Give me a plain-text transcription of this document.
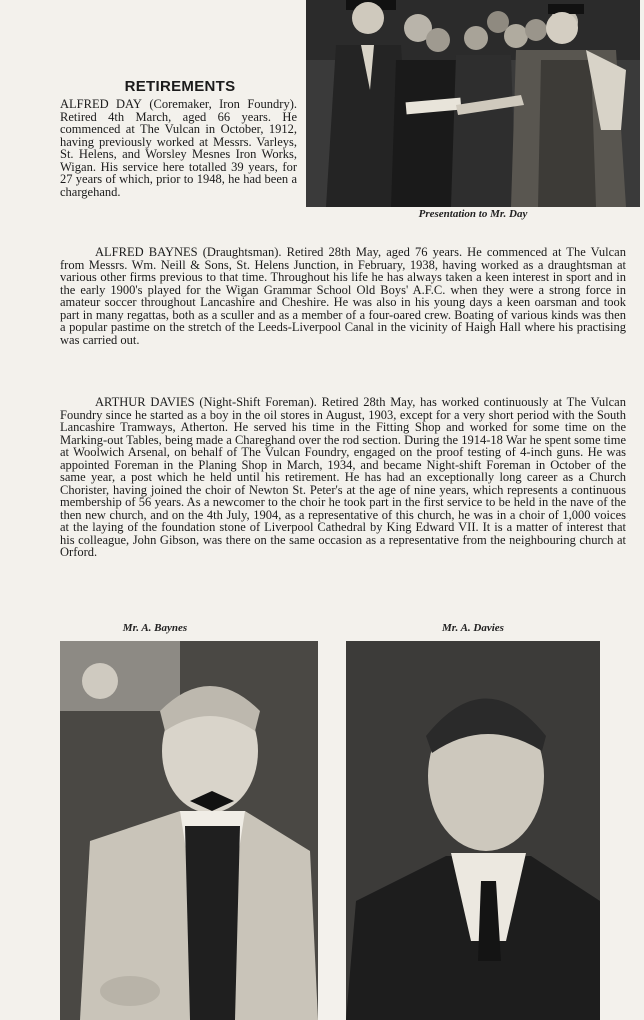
Presentation to Mr. Day
RETIREMENTS

ALFRED DAY (Coremaker, Iron Foundry). Retired 4th March, aged 66 years. He commenced at The Vulcan in October, 1912, having previously worked at Messrs. Varleys, St. Helens, and Worsley Mesnes Iron Works, Wigan. His service here totalled 39 years, for 27 years of which, prior to 1948, he had been a chargehand.

ALFRED BAYNES (Draughtsman). Retired 28th May, aged 76 years. He commenced at The Vulcan from Messrs. Wm. Neill & Sons, St. Helens Junction, in February, 1938, having worked as a draughtsman at various other firms previous to that time. Throughout his life he has always taken a keen interest in sport and in the early 1900's played for the Wigan Grammar School Old Boys' A.F.C. when they were a strong force in amateur soccer throughout Lancashire and Cheshire. He was also in his young days a keen oarsman and took part in many regattas, both as a sculler and as a member of a four-oared crew. Boating of various kinds was then a popular pastime on the stretch of the Leeds-Liverpool Canal in the vicinity of Haigh Hall where his practising was carried out.

ARTHUR DAVIES (Night-Shift Foreman). Retired 28th May, has worked continuously at The Vulcan Foundry since he started as a boy in the oil stores in August, 1903, except for a very short period with the South Lancashire Tramways, Atherton. He served his time in the Fitting Shop and worked for some time on the Marking-out Tables, being made a Chareghand over the rod section. During the 1914-18 War he spent some time at Woolwich Arsenal, on behalf of The Vulcan Foundry, engaged on the proof testing of 4-inch guns. He was appointed Foreman in the Planing Shop in March, 1934, and became Night-shift Foreman in October of the same year, a post which he held until his retirement. He has had an exceptionally long career as a Church Chorister, having joined the choir of Newton St. Peter's at the age of nine years, which represents a continuous membership of 56 years. As a newcomer to the choir he took part in the first service to be held in the nave of the then new church, and on the 4th July, 1904, as a representative of this church, he was in a choir of 1,000 voices at the laying of the foundation stone of Liverpool Cathedral by King Edward VII. It is a matter of interest that his colleague, John Gibson, was there on the same occasion as a representative from the neighbouring church at Orford.

Mr. A. Baynes	Mr. A. Davies
